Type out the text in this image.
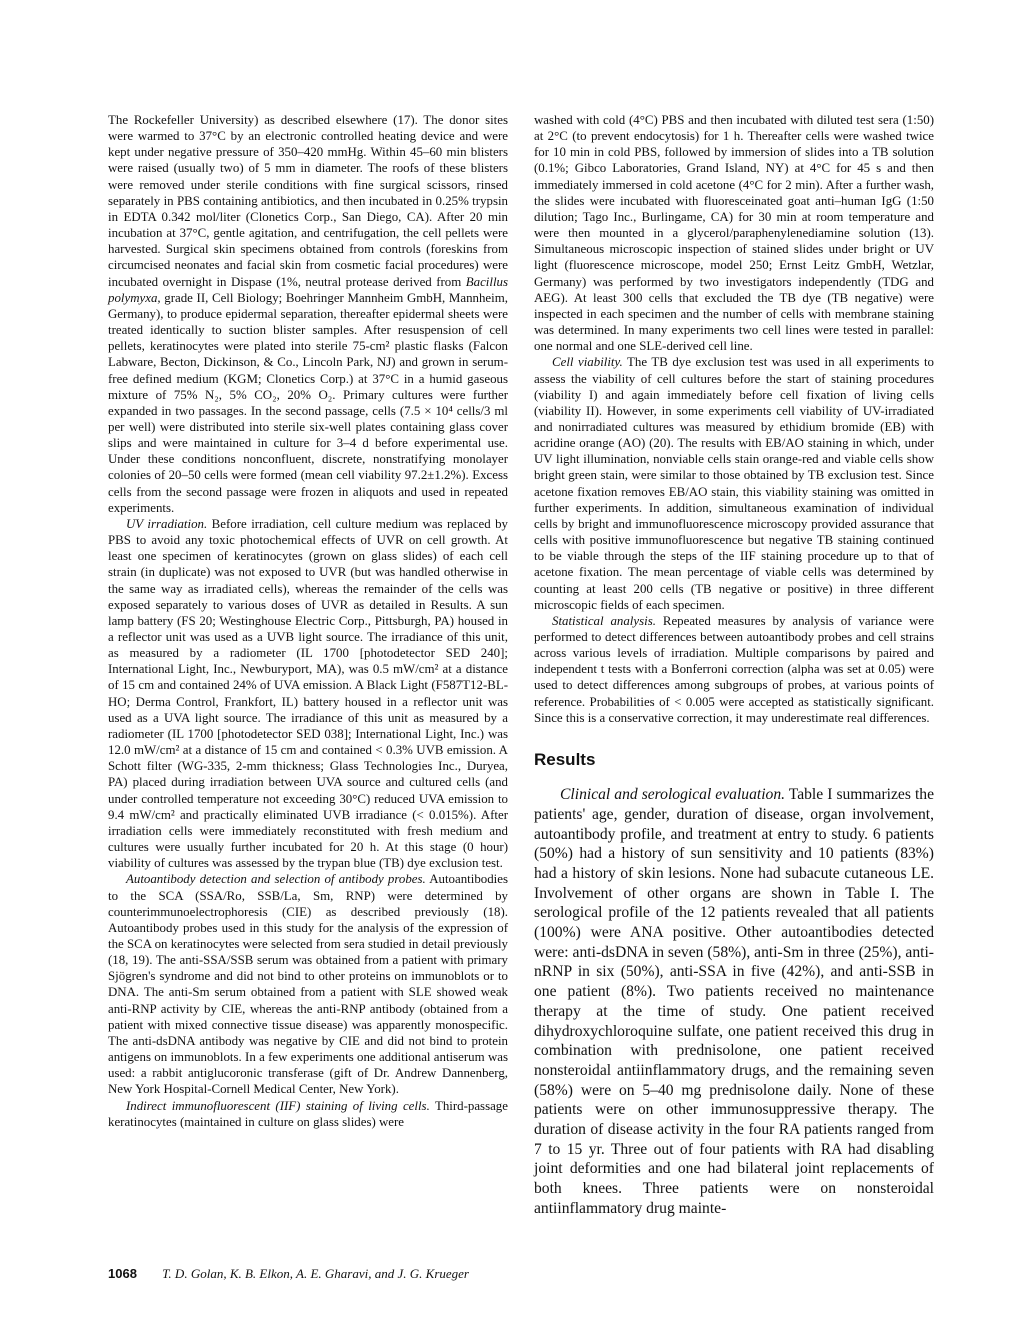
The Rockefeller University) as described elsewhere (17). The donor sites were warmed to 37°C by an electronic controlled heating device and were kept under negative pressure of 350–420 mmHg. Within 45–60 min blisters were raised (usually two) of 5 mm in diameter. The roofs of these blisters were removed under sterile conditions with fine surgical scissors, rinsed separately in PBS containing antibiotics, and then incubated in 0.25% trypsin in EDTA 0.342 mol/liter (Clonetics Corp., San Diego, CA). After 20 min incubation at 37°C, gentle agitation, and centrifugation, the cell pellets were harvested. Surgical skin specimens obtained from controls (foreskins from circumcised neonates and facial skin from cosmetic facial procedures) were incubated overnight in Dispase (1%, neutral protease derived from Bacillus polymyxa, grade II, Cell Biology; Boehringer Mannheim GmbH, Mannheim, Germany), to produce epidermal separation, thereafter epidermal sheets were treated identically to suction blister samples. After resuspension of cell pellets, keratinocytes were plated into sterile 75-cm² plastic flasks (Falcon Labware, Becton, Dickinson, & Co., Lincoln Park, NJ) and grown in serum-free defined medium (KGM; Clonetics Corp.) at 37°C in a humid gaseous mixture of 75% N₂, 5% CO₂, 20% O₂. Primary cultures were further expanded in two passages. In the second passage, cells (7.5 × 10⁴ cells/3 ml per well) were distributed into sterile six-well plates containing glass cover slips and were maintained in culture for 3–4 d before experimental use. Under these conditions nonconfluent, discrete, nonstratifying monolayer colonies of 20–50 cells were formed (mean cell viability 97.2±1.2%). Excess cells from the second passage were frozen in aliquots and used in repeated experiments.

UV irradiation. Before irradiation, cell culture medium was replaced by PBS to avoid any toxic photochemical effects of UVR on cell growth. At least one specimen of keratinocytes (grown on glass slides) of each cell strain (in duplicate) was not exposed to UVR (but was handled otherwise in the same way as irradiated cells), whereas the remainder of the cells was exposed separately to various doses of UVR as detailed in Results. A sun lamp battery (FS 20; Westinghouse Electric Corp., Pittsburgh, PA) housed in a reflector unit was used as a UVB light source. The irradiance of this unit, as measured by a radiometer (IL 1700 [photodetector SED 240]; International Light, Inc., Newburyport, MA), was 0.5 mW/cm² at a distance of 15 cm and contained 24% of UVA emission. A Black Light (F587T12-BL-HO; Derma Control, Frankfort, IL) battery housed in a reflector unit was used as a UVA light source. The irradiance of this unit as measured by a radiometer (IL 1700 [photodetector SED 038]; International Light, Inc.) was 12.0 mW/cm² at a distance of 15 cm and contained < 0.3% UVB emission. A Schott filter (WG-335, 2-mm thickness; Glass Technologies Inc., Duryea, PA) placed during irradiation between UVA source and cultured cells (and under controlled temperature not exceeding 30°C) reduced UVA emission to 9.4 mW/cm² and practically eliminated UVB irradiance (< 0.015%). After irradiation cells were immediately reconstituted with fresh medium and cultures were usually further incubated for 20 h. At this stage (0 hour) viability of cultures was assessed by the trypan blue (TB) dye exclusion test.

Autoantibody detection and selection of antibody probes. Autoantibodies to the SCA (SSA/Ro, SSB/La, Sm, RNP) were determined by counterimmunoelectrophoresis (CIE) as described previously (18). Autoantibody probes used in this study for the analysis of the expression of the SCA on keratinocytes were selected from sera studied in detail previously (18, 19). The anti-SSA/SSB serum was obtained from a patient with primary Sjögren's syndrome and did not bind to other proteins on immunoblots or to DNA. The anti-Sm serum obtained from a patient with SLE showed weak anti-RNP activity by CIE, whereas the anti-RNP antibody (obtained from a patient with mixed connective tissue disease) was apparently monospecific. The anti-dsDNA antibody was negative by CIE and did not bind to protein antigens on immunoblots. In a few experiments one additional antiserum was used: a rabbit antiglucoronic transferase (gift of Dr. Andrew Dannenberg, New York Hospital-Cornell Medical Center, New York).

Indirect immunofluorescent (IIF) staining of living cells. Third-passage keratinocytes (maintained in culture on glass slides) were

washed with cold (4°C) PBS and then incubated with diluted test sera (1:50) at 2°C (to prevent endocytosis) for 1 h. Thereafter cells were washed twice for 10 min in cold PBS, followed by immersion of slides into a TB solution (0.1%; Gibco Laboratories, Grand Island, NY) at 4°C for 45 s and then immediately immersed in cold acetone (4°C for 2 min). After a further wash, the slides were incubated with fluoresceinated goat anti–human IgG (1:50 dilution; Tago Inc., Burlingame, CA) for 30 min at room temperature and were then mounted in a glycerol/paraphenylenediamine solution (13). Simultaneous microscopic inspection of stained slides under bright or UV light (fluorescence microscope, model 250; Ernst Leitz GmbH, Wetzlar, Germany) was performed by two investigators independently (TDG and AEG). At least 300 cells that excluded the TB dye (TB negative) were inspected in each specimen and the number of cells with membrane staining was determined. In many experiments two cell lines were tested in parallel: one normal and one SLE-derived cell line.

Cell viability. The TB dye exclusion test was used in all experiments to assess the viability of cell cultures before the start of staining procedures (viability I) and again immediately before cell fixation of living cells (viability II). However, in some experiments cell viability of UV-irradiated and nonirradiated cultures was measured by ethidium bromide (EB) with acridine orange (AO) (20). The results with EB/AO staining in which, under UV light illumination, nonviable cells stain orange-red and viable cells show bright green stain, were similar to those obtained by TB exclusion test. Since acetone fixation removes EB/AO stain, this viability staining was omitted in further experiments. In addition, simultaneous examination of individual cells by bright and immunofluorescence microscopy provided assurance that cells with positive immunofluorescence but negative TB staining continued to be viable through the steps of the IIF staining procedure up to that of acetone fixation. The mean percentage of viable cells was determined by counting at least 200 cells (TB negative or positive) in three different microscopic fields of each specimen.

Statistical analysis. Repeated measures by analysis of variance were performed to detect differences between autoantibody probes and cell strains across various levels of irradiation. Multiple comparisons by paired and independent t tests with a Bonferroni correction (alpha was set at 0.05) were used to detect differences among subgroups of probes, at various points of reference. Probabilities of < 0.005 were accepted as statistically significant. Since this is a conservative correction, it may underestimate real differences.

Results

Clinical and serological evaluation. Table I summarizes the patients' age, gender, duration of disease, organ involvement, autoantibody profile, and treatment at entry to study. 6 patients (50%) had a history of sun sensitivity and 10 patients (83%) had a history of skin lesions. None had subacute cutaneous LE. Involvement of other organs are shown in Table I. The serological profile of the 12 patients revealed that all patients (100%) were ANA positive. Other autoantibodies detected were: anti-dsDNA in seven (58%), anti-Sm in three (25%), anti-nRNP in six (50%), anti-SSA in five (42%), and anti-SSB in one patient (8%). Two patients received no maintenance therapy at the time of study. One patient received dihydroxychloroquine sulfate, one patient received this drug in combination with prednisolone, one patient received nonsteroidal antiinflammatory drugs, and the remaining seven (58%) were on 5–40 mg prednisolone daily. None of these patients were on other immunosuppressive therapy. The duration of disease activity in the four RA patients ranged from 7 to 15 yr. Three out of four patients with RA had disabling joint deformities and one had bilateral joint replacements of both knees. Three patients were on nonsteroidal antiinflammatory drug mainte-

1068 T. D. Golan, K. B. Elkon, A. E. Gharavi, and J. G. Krueger
